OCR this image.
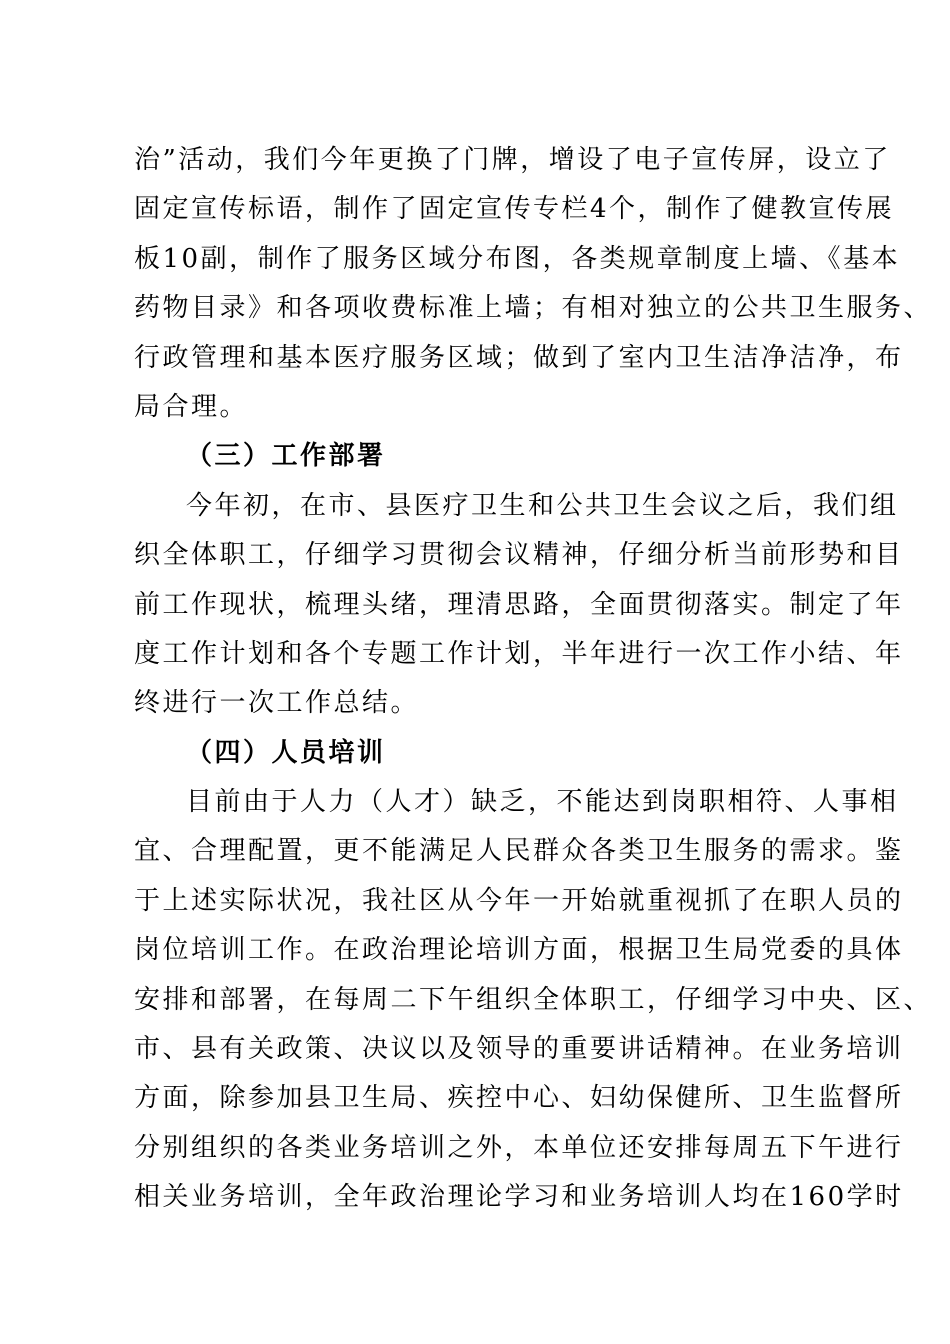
治”活动，我们今年更换了门牌，增设了电子宣传屏，设立了
固定宣传标语，制作了固定宣传专栏4个，制作了健教宣传展
板10副，制作了服务区域分布图，各类规章制度上墙、《基本
药物目录》和各项收费标准上墙；有相对独立的公共卫生服务、
行政管理和基本医疗服务区域；做到了室内卫生洁净洁净，布
局合理。
（三）工作部署
今年初，在市、县医疗卫生和公共卫生会议之后，我们组
织全体职工，仔细学习贯彻会议精神，仔细分析当前形势和目
前工作现状，梳理头绪，理清思路，全面贯彻落实。制定了年
度工作计划和各个专题工作计划，半年进行一次工作小结、年
终进行一次工作总结。
（四）人员培训
目前由于人力（人才）缺乏，不能达到岗职相符、人事相
宜、合理配置，更不能满足人民群众各类卫生服务的需求。鉴
于上述实际状况，我社区从今年一开始就重视抓了在职人员的
岗位培训工作。在政治理论培训方面，根据卫生局党委的具体
安排和部署，在每周二下午组织全体职工，仔细学习中央、区、
市、县有关政策、决议以及领导的重要讲话精神。在业务培训
方面，除参加县卫生局、疾控中心、妇幼保健所、卫生监督所
分别组织的各类业务培训之外，本单位还安排每周五下午进行
相关业务培训，全年政治理论学习和业务培训人均在160学时
